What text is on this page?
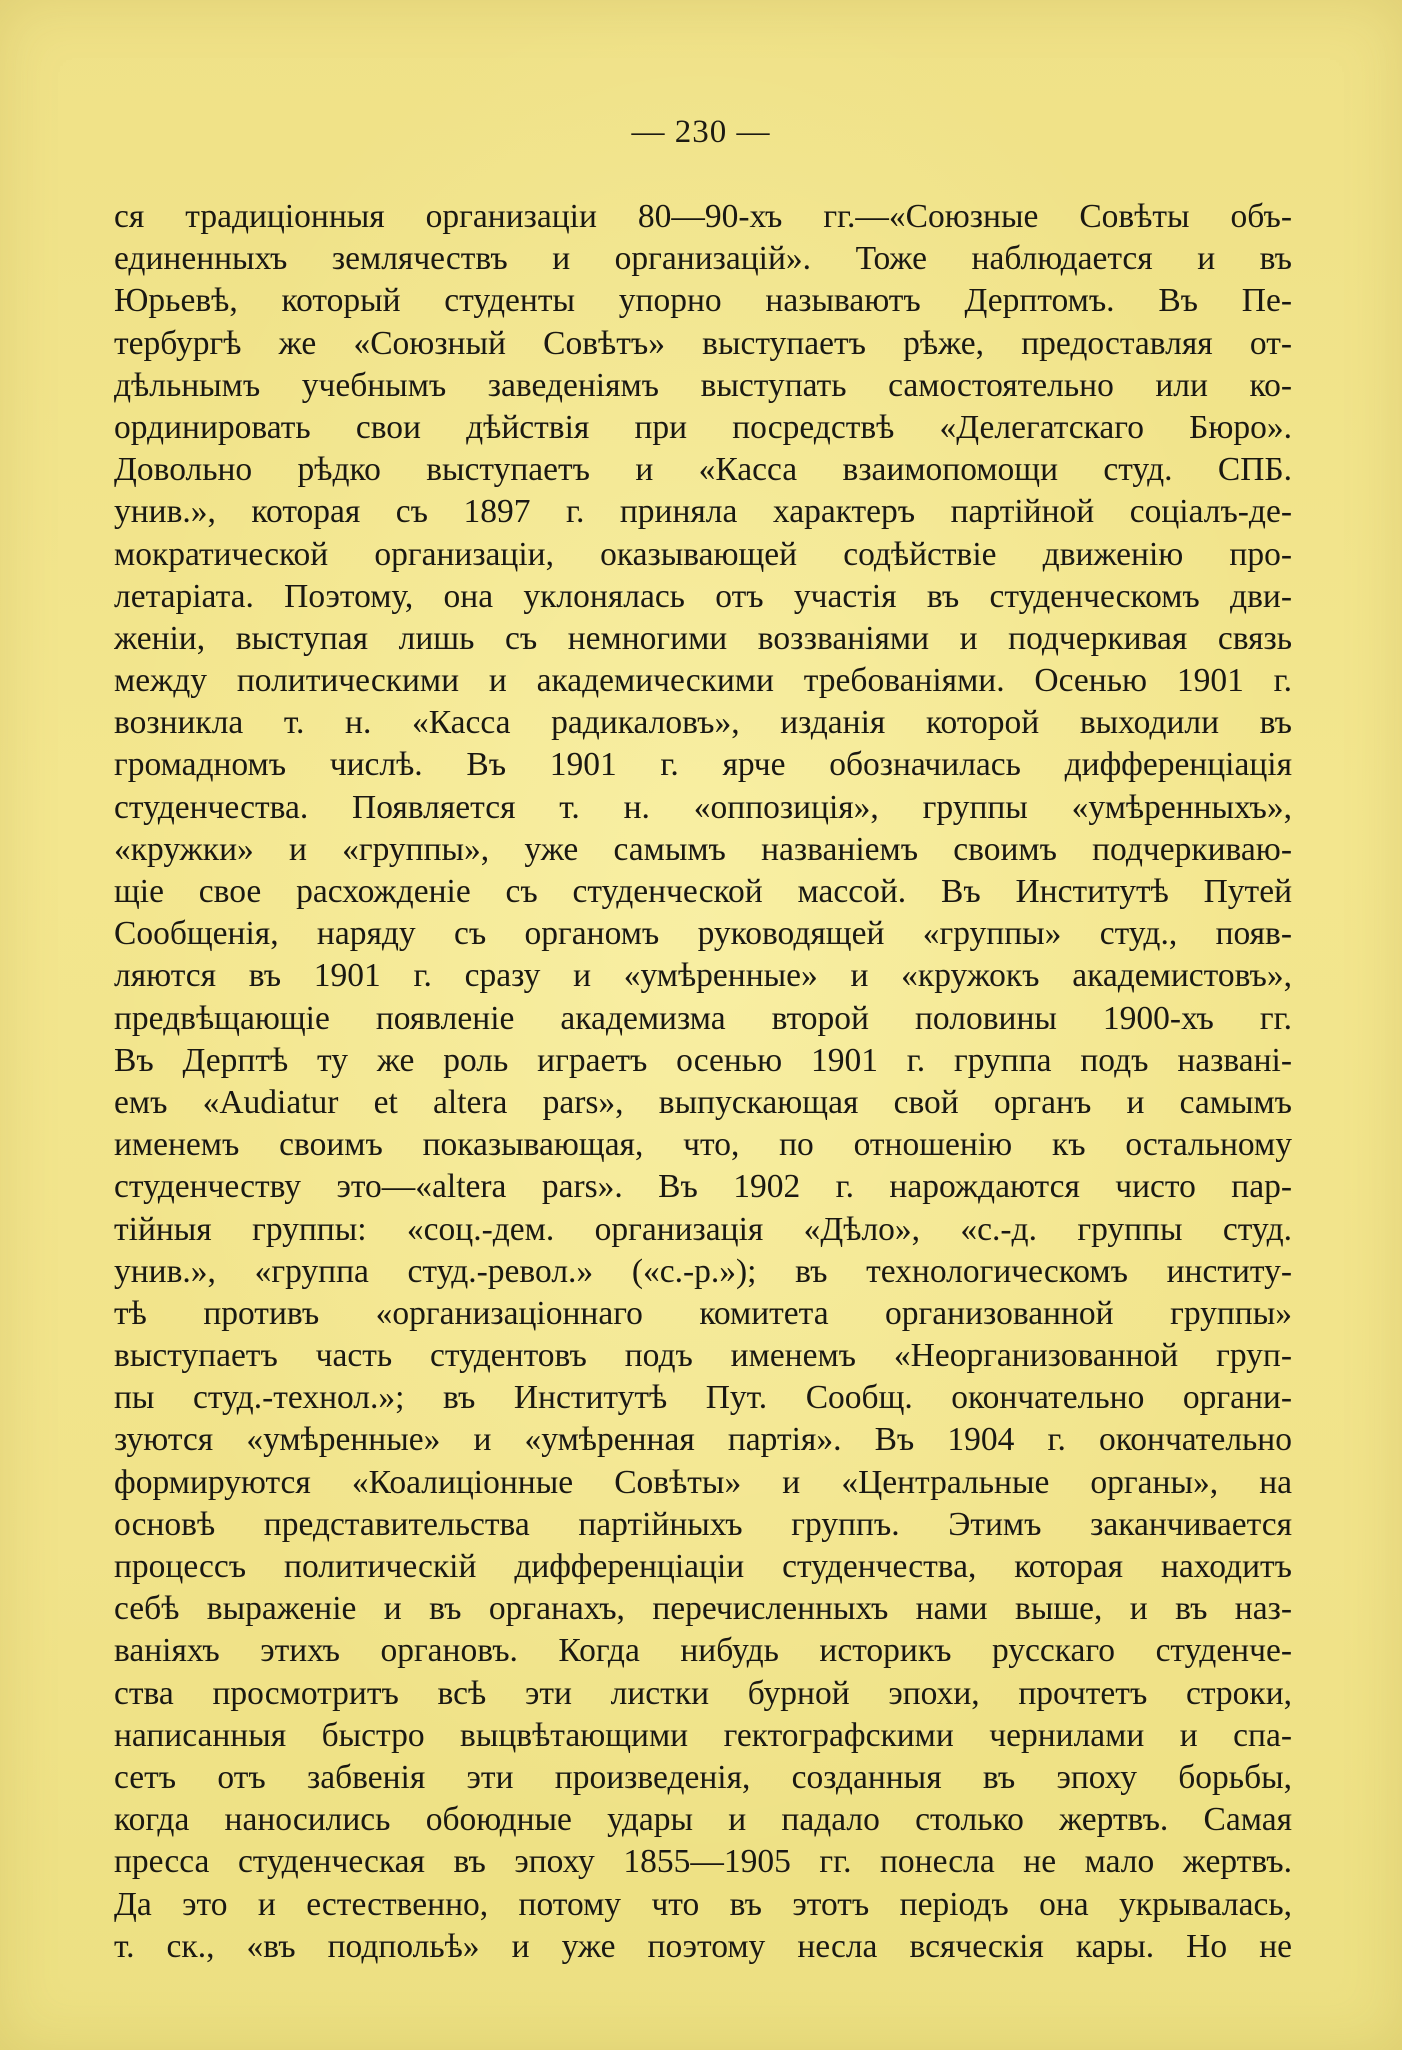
— 230 —
ся традиціонныя организаціи 80—90-хъ гг.—«Союзные Совѣты объ-
единенныхъ землячествъ и организацій». Тоже наблюдается и въ
Юрьевѣ, который студенты упорно называютъ Дерптомъ. Въ Пе-
тербургѣ же «Союзный Совѣтъ» выступаетъ рѣже, предоставляя от-
дѣльнымъ учебнымъ заведеніямъ выступать самостоятельно или ко-
ординировать свои дѣйствія при посредствѣ «Делегатскаго Бюро».
Довольно рѣдко выступаетъ и «Касса взаимопомощи студ. СПБ.
унив.», которая съ 1897 г. приняла характеръ партійной соціалъ-де-
мократической организаціи, оказывающей содѣйствіе движенію про-
летаріата. Поэтому, она уклонялась отъ участія въ студенческомъ дви-
женіи, выступая лишь съ немногими воззваніями и подчеркивая связь
между политическими и академическими требованіями. Осенью 1901 г.
возникла т. н. «Касса радикаловъ», изданія которой выходили въ
громадномъ числѣ. Въ 1901 г. ярче обозначилась дифференціація
студенчества. Появляется т. н. «оппозиція», группы «умѣренныхъ»,
«кружки» и «группы», уже самымъ названіемъ своимъ подчеркиваю-
щіе свое расхожденіе съ студенческой массой. Въ Институтѣ Путей
Сообщенія, наряду съ органомъ руководящей «группы» студ., появ-
ляются въ 1901 г. сразу и «умѣренные» и «кружокъ академистовъ»,
предвѣщающіе появленіе академизма второй половины 1900-хъ гг.
Въ Дерптѣ ту же роль играетъ осенью 1901 г. группа подъ названі-
емъ «Audiatur et altera pars», выпускающая свой органъ и самымъ
именемъ своимъ показывающая, что, по отношенію къ остальному
студенчеству это—«altera pars». Въ 1902 г. нарождаются чисто пар-
тійныя группы: «соц.-дем. организація «Дѣло», «с.-д. группы студ.
унив.», «группа студ.-револ.» («с.-р.»); въ технологическомъ институ-
тѣ противъ «организаціоннаго комитета организованной группы»
выступаетъ часть студентовъ подъ именемъ «Неорганизованной груп-
пы студ.-технол.»; въ Институтѣ Пут. Сообщ. окончательно органи-
зуются «умѣренные» и «умѣренная партія». Въ 1904 г. окончательно
формируются «Коалиціонные Совѣты» и «Центральные органы», на
основѣ представительства партійныхъ группъ. Этимъ заканчивается
процессъ политическій дифференціаціи студенчества, которая находитъ
себѣ выраженіе и въ органахъ, перечисленныхъ нами выше, и въ наз-
ваніяхъ этихъ органовъ. Когда нибудь историкъ русскаго студенче-
ства просмотритъ всѣ эти листки бурной эпохи, прочтетъ строки,
написанныя быстро выцвѣтающими гектографскими чернилами и спа-
сетъ отъ забвенія эти произведенія, созданныя въ эпоху борьбы,
когда наносились обоюдные удары и падало столько жертвъ. Самая
пресса студенческая въ эпоху 1855—1905 гг. понесла не мало жертвъ.
Да это и естественно, потому что въ этотъ періодъ она укрывалась,
т. ск., «въ подпольѣ» и уже поэтому несла всяческія кары. Но не
